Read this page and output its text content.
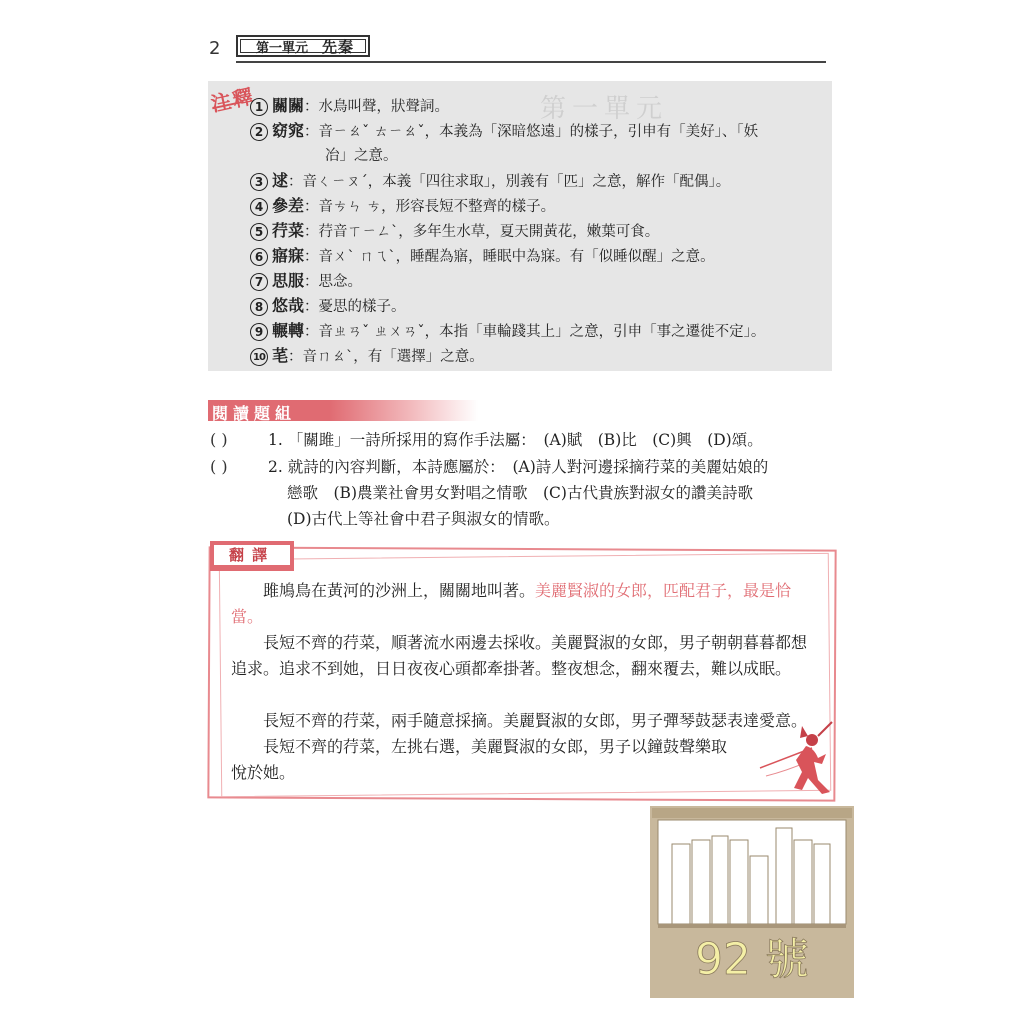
2	第一單元 先秦
第一單元
注釋
1 關關：水鳥叫聲，狀聲詞。
2 窈窕：音ㄧㄠˇ ㄊㄧㄠˇ，本義為「深暗悠遠」的樣子，引申有「美好」、「妖
冶」之意。
3 逑：音ㄑㄧㄡˊ，本義「四往求取」，別義有「匹」之意，解作「配偶」。
4 參差：音ㄘㄣ ㄘ，形容長短不整齊的樣子。
5 荇菜：荇音ㄒㄧㄥˋ，多年生水草，夏天開黃花，嫩葉可食。
6 寤寐：音ㄨˋ ㄇㄟˋ，睡醒為寤，睡眠中為寐。有「似睡似醒」之意。
7 思服：思念。
8 悠哉：憂思的樣子。
9 輾轉：音ㄓㄢˇ ㄓㄨㄢˇ，本指「車輪踐其上」之意，引申「事之遷徙不定」。
10 芼：音ㄇㄠˋ，有「選擇」之意。
閱讀題組
( )	1. 「關雎」一詩所採用的寫作手法屬：　(A)賦　(B)比　(C)興　(D)頌。
( )	2. 就詩的內容判斷，本詩應屬於：　(A)詩人對河邊採摘荇菜的美麗姑娘的
戀歌　(B)農業社會男女對唱之情歌　(C)古代貴族對淑女的讚美詩歌
(D)古代上等社會中君子與淑女的情歌。
翻譯
雎鳩鳥在黃河的沙洲上，關關地叫著。美麗賢淑的女郎，匹配君子，最是恰當。
長短不齊的荇菜，順著流水兩邊去採收。美麗賢淑的女郎，男子朝朝暮暮都想追求。追求不到她，日日夜夜心頭都牽掛著。整夜想念，翻來覆去，難以成眠。
長短不齊的荇菜，兩手隨意採摘。美麗賢淑的女郎，男子彈琴鼓瑟表達愛意。
長短不齊的荇菜，左挑右選，美麗賢淑的女郎，男子以鐘鼓聲樂取悅於她。
92 號
